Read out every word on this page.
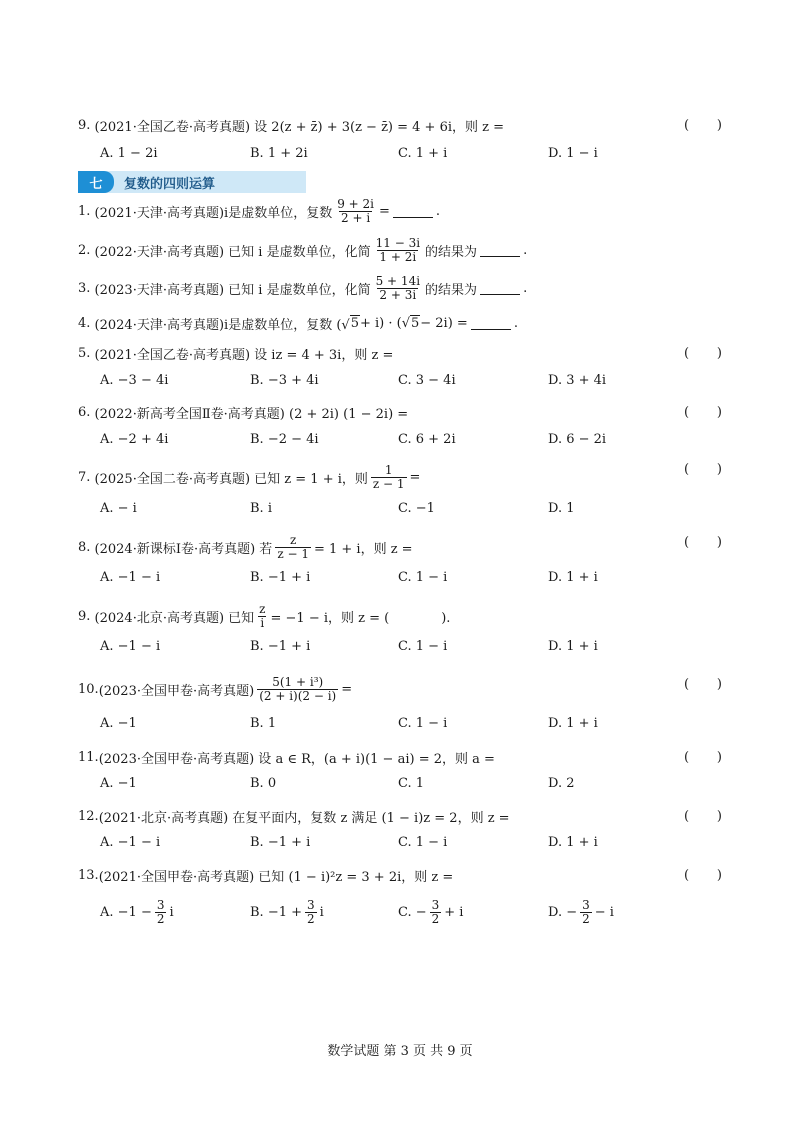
9.
(2021·全国乙卷·高考真题) 设 2(z + z̄) + 3(z − z̄) = 4 + 6i，则 z =	( )
A. 1 − 2i	B. 1 + 2i	C. 1 + i	D. 1 − i
七	复数的四则运算
1.
(2021·天津·高考真题)i是虚数单位，复数 $\frac{9 + 2i}{2 + i}$ =	.
2.
(2022·天津·高考真题) 已知 i 是虚数单位，化简 $\frac{11 - 3i}{1 + 2i}$ 的结果为	.
3.
(2023·天津·高考真题) 已知 i 是虚数单位，化简 $\frac{5 + 14i}{2 + 3i}$ 的结果为	.
4.
(2024·天津·高考真题)i是虚数单位，复数 (√ 5 + i) · (√ 5 − 2i) =	.
5.
(2021·全国乙卷·高考真题) 设 iz = 4 + 3i，则 z =	( )
A. −3 − 4i	B. −3 + 4i	C. 3 − 4i	D. 3 + 4i
6.
(2022·新高考全国Ⅱ卷·高考真题) (2 + 2i) (1 − 2i) =	( )
A. −2 + 4i	B. −2 − 4i	C. 6 + 2i	D. 6 − 2i
7.
(2025·全国二卷·高考真题) 已知 z = 1 + i，则 $\frac{1}{z - 1}$ =
( )
A. − i	B. i	C. −1	D. 1
8.
(2024·新课标Ⅰ卷·高考真题) 若 $\frac{z}{z - 1} = 1 + i$，则 z =	( )
A. −1 − i	B. −1 + i	C. 1 − i	D. 1 + i
9.
(2024·北京·高考真题) 已知 $\frac{z}{i} = -1 - i$，则 z = (　　　　).
A. −1 − i	B. −1 + i	C. 1 − i	D. 1 + i
10. (2023·全国甲卷·高考真题) $\frac{\text{5(1 + i³)}}{(2 + i)(2 - i)}$ =	( )
A. −1	B. 1	C. 1 − i	D. 1 + i
11. (2023·全国甲卷·高考真题) 设 a ∈ R，(a + i)(1 − ai) = 2，则 a =	( )
A. −1	B. 0	C. 1	D. 2
12. (2021·北京·高考真题) 在复平面内，复数 z 满足 (1 − i)z = 2，则 z =	( )
A. −1 − i	B. −1 + i	C. 1 − i	D. 1 + i
13. (2021·全国甲卷·高考真题) 已知 (1 − i)²z = 3 + 2i，则 z =	( )
A. $-1 - \frac{3}{2}$ i	B. $-1 + \frac{3}{2}$ i	C. − $\frac{3}{2} + i$	D. − $\frac{3}{2} - i$
数学试题 第 3 页 共 9 页
